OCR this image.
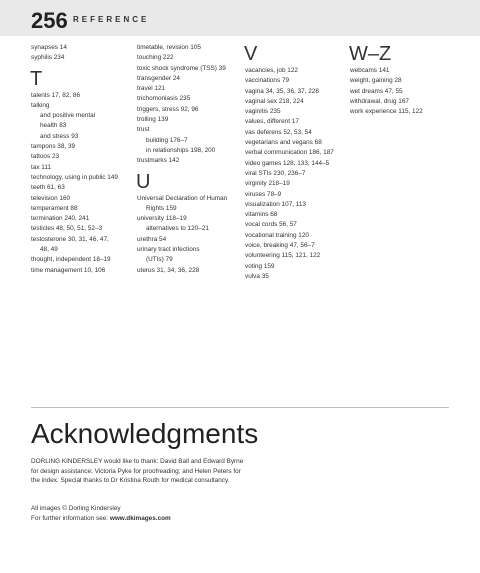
256 REFERENCE
synapses 14
syphilis 234
T
talents 17, 82, 86
talking
and positive mental
health 83
and stress 93
tampons 38, 39
tattoos 23
tax 111
technology, using in public 149
teeth 61, 63
television 160
temperament 88
termination 240, 241
testicles 48, 50, 51, 52–3
testosterone 30, 31, 46, 47,
48, 49
thought, independent 18–19
time management 10, 106
timetable, revision 105
touching 222
toxic shock syndrome (TSS) 39
transgender 24
travel 121
trichomoniasis 235
triggers, stress 92, 96
trolling 139
trust
building 176–7
in relationships 198, 200
trustmarks 142
U
Universal Declaration of Human
Rights 159
university 118–19
alternatives to 120–21
urethra 54
urinary tract infections
(UTIs) 79
uterus 31, 34, 36, 228
V
vacancies, job 122
vaccinations 79
vagina 34, 35, 36, 37, 228
vaginal sex 218, 224
vaginitis 235
values, different 17
vas deferens 52, 53, 54
vegetarians and vegans 68
verbal communication 186, 187
video games 128, 133, 144–5
viral STIs 230, 236–7
virginity 218–19
viruses 78–9
visualization 107, 113
vitamins 68
vocal cords 56, 57
vocational training 120
voice, breaking 47, 56–7
volunteering 115, 121, 122
voting 159
vulva 35
W–Z
webcams 141
weight, gaining 28
wet dreams 47, 55
withdrawal, drug 167
work experience 115, 122
Acknowledgments
DORLING KINDERSLEY would like to thank: David Ball and Edward Byrne for design assistance; Victoria Pyke for proofreading; and Helen Peters for the index. Special thanks to Dr Kristina Routh for medical consultancy.
All images © Dorling Kindersley
For further information see: www.dkimages.com
